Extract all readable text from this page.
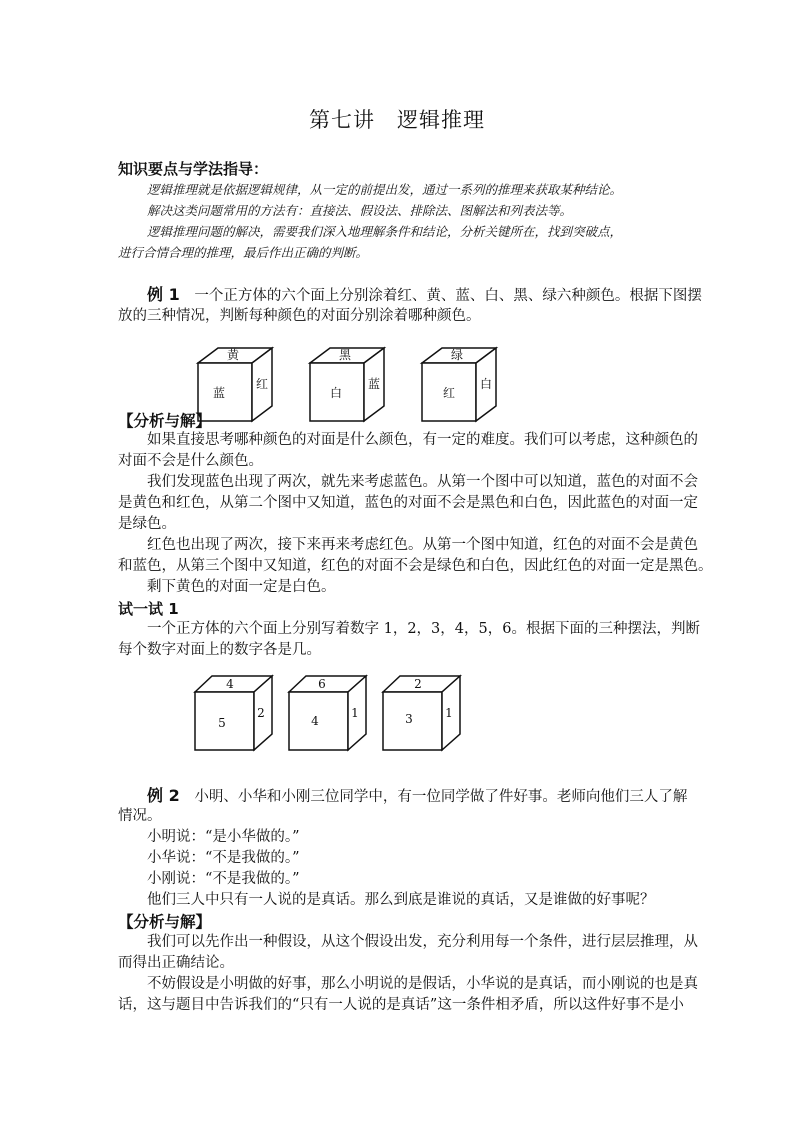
第七讲　逻辑推理
知识要点与学法指导：
逻辑推理就是依据逻辑规律，从一定的前提出发，通过一系列的推理来获取某种结论。
解决这类问题常用的方法有：直接法、假设法、排除法、图解法和列表法等。
逻辑推理问题的解决，需要我们深入地理解条件和结论，分析关键所在，找到突破点，
进行合情合理的推理，最后作出正确的判断。
例 1 一个正方体的六个面上分别涂着红、黄、蓝、白、黑、绿六种颜色。根据下图摆
放的三种情况，判断每种颜色的对面分别涂着哪种颜色。
黄
蓝
红
黑
白
蓝
绿
红
白
【分析与解】
如果直接思考哪种颜色的对面是什么颜色，有一定的难度。我们可以考虑，这种颜色的
对面不会是什么颜色。
我们发现蓝色出现了两次，就先来考虑蓝色。从第一个图中可以知道，蓝色的对面不会
是黄色和红色，从第二个图中又知道，蓝色的对面不会是黑色和白色，因此蓝色的对面一定
是绿色。
红色也出现了两次，接下来再来考虑红色。从第一个图中知道，红色的对面不会是黄色
和蓝色，从第三个图中又知道，红色的对面不会是绿色和白色，因此红色的对面一定是黑色。
剩下黄色的对面一定是白色。
试一试 1
一个正方体的六个面上分别写着数字 1，2，3，4，5，6。根据下面的三种摆法，判断
每个数字对面上的数字各是几。
4
5
2
6
4
1
2
3	1
例 2 小明、小华和小刚三位同学中，有一位同学做了件好事。老师向他们三人了解
情况。
小明说：“是小华做的。”
小华说：“不是我做的。”
小刚说：“不是我做的。”
他们三人中只有一人说的是真话。那么到底是谁说的真话，又是谁做的好事呢？
【分析与解】
我们可以先作出一种假设，从这个假设出发，充分利用每一个条件，进行层层推理，从
而得出正确结论。
不妨假设是小明做的好事，那么小明说的是假话，小华说的是真话，而小刚说的也是真
话，这与题目中告诉我们的“只有一人说的是真话”这一条件相矛盾，所以这件好事不是小
